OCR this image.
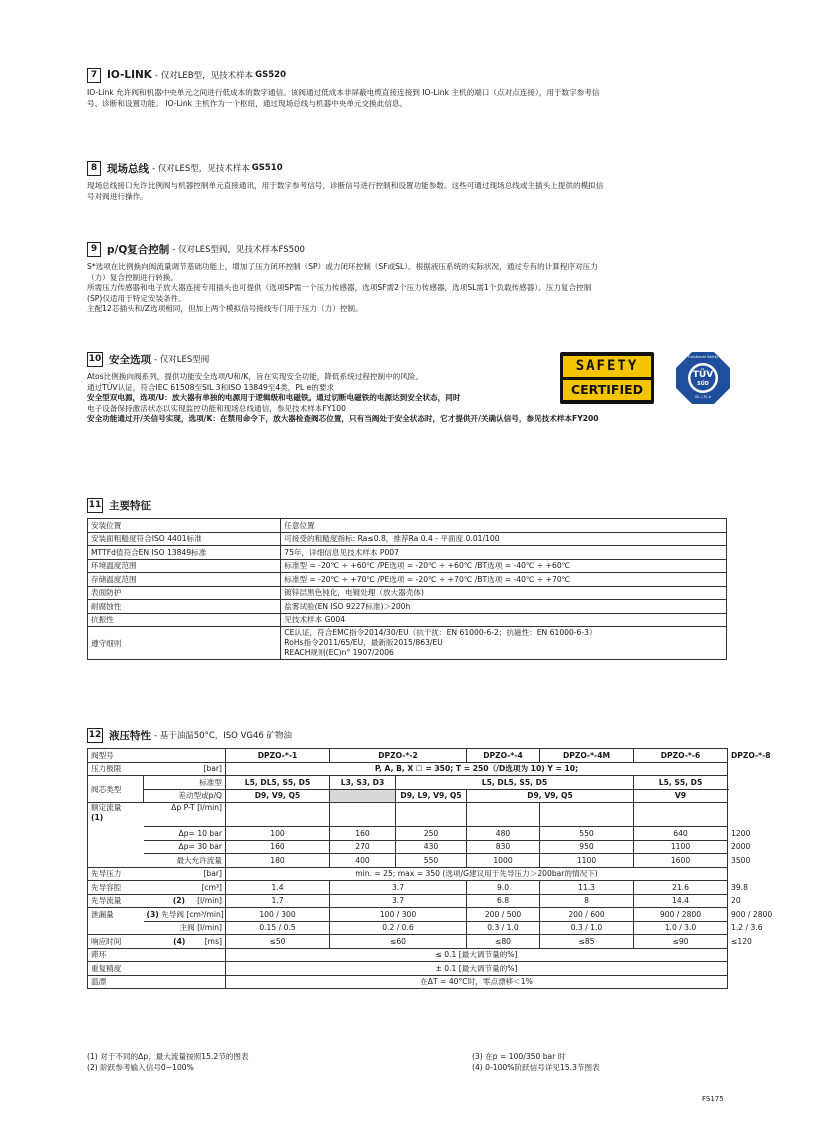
7 IO-LINK - 仅对LEB型，见技术样本 GS520
IO-Link 允许阀和机器中央单元之间进行低成本的数字通信。该阀通过低成本非屏蔽电缆直接连接到 IO-Link 主机的端口（点对点连接），用于数字参考信
号、诊断和设置功能。 IO-Link 主机作为一个枢纽，通过现场总线与机器中央单元交换此信息。
8 现场总线 - 仅对LES型，见技术样本 GS510
现场总线接口允许比例阀与机器控制单元直接通讯，用于数字参考信号、诊断信号进行控制和设置功能参数。这些可通过现场总线或主插头上提供的模拟信
号对阀进行操作。
9 p/Q复合控制 - 仅对LES型阀，见技术样本FS500
S*选项在比例换向阀流量调节基础功能上，增加了压力闭环控制（SP）或力闭环控制（SF或SL）。根据液压系统的实际状况，通过专有的计算程序对压力
（力）复合控制进行转换。
所需压力传感器和电子放大器连接专用插头也可提供（选项SP需一个压力传感器，选项SF需2个压力传感器，选项SL需1个负载传感器）。压力复合控制
(SP)仅适用于特定安装条件。
主配12芯插头和/Z选项相同，但加上两个模拟信号接线专门用于压力（力）控制。
10 安全选项 - 仅对LES型阀
Atos比例换向阀系列，提供功能安全选项/U和/K，旨在实现安全功能，降低系统过程控制中的风险。
通过TÜV认证，符合IEC 61508至SIL 3和ISO 13849至4类，PL e的要求
安全型双电源，选项/U：放大器有单独的电源用于逻辑级和电磁铁。通过切断电磁铁的电源达到安全状态，同时
电子设备保持激活状态以实现监控功能和现场总线通信，参见技术样本FY100
安全功能通过开/关信号实现，选项/K：在禁用命令下，放大器检查阀芯位置，只有当阀处于安全状态时，它才提供开/关确认信号，参见技术样本FY200
SAFETY
CERTIFIED
Functional Safety
TÜV
SÜD
SIL / PL e
11 主要特征
安装位置	任意位置
安装面粗糙度符合ISO 4401标准	可接受的粗糙度指标: Ra≤0.8，推荐Ra 0.4 - 平面度 0.01/100
MTTFd值符合EN ISO 13849标准	75年，详细信息见技术样本 P007
环境温度范围	标准型 = -20℃ ÷ +60℃ /PE选项 = -20℃ ÷ +60℃ /BT选项 = -40℃ ÷ +60℃
存储温度范围	标准型 = -20℃ ÷ +70℃ /PE选项 = -20℃ ÷ +70℃ /BT选项 = -40℃ ÷ +70℃
表面防护	镀锌层黑色钝化，电镀处理（放大器壳体)
耐腐蚀性	盐雾试验(EN ISO 9227标准)＞200h
抗振性	见技术样本 G004
遵守细则	CE认证，符合EMC指令2014/30/EU（抗干扰：EN 61000-6-2；抗磁性：EN 61000-6-3）
RoHs指令2011/65/EU，最新版2015/863/EU
REACH规则(EC)n° 1907/2006
12 液压特性 - 基于油温50°C，ISO VG46 矿物油
阀型号		DPZO-*-1	DPZO-*-2		DPZO-*-4	DPZO-*-4M	DPZO-*-6	DPZO-*-8
压力极限	[bar]	P, A, B, X ☐ = 350; T = 250（/D选项为 10) Y = 10;						
阀芯类型	标准型	L5, DL5, S5, D5	L3, S3, D3	L5, DL5, S5, D5			L5, S5, D5	
	差动型或p/Q	D9, V9, Q5		D9, L9, V9, Q5	D9, V9, Q5		V9	

额定流量
(1)	Δp P-T [l/min]							
	Δp= 10 bar	100	160	250	480	550	640	1200
	Δp= 30 bar	160	270	430	830	950	1100	2000
	最大允许流量	180	400	550	1000	1100	1600	3500
先导压力	[bar]	min. = 25; max = 350 (选项/G建议用于先导压力＞200bar的情况下)						
先导容腔	[cm³]	1.4	3.7		9.0	11.3	21.6	39.8
先导流量	(2) [l/min]	1.7	3.7		6.8	8	14.4	20
泄漏量	(3) 先导阀 [cm³/min]	100 / 300	100 / 300		200 / 500	200 / 600	900 / 2800	900 / 2800
	主阀 [l/min]	0.15 / 0.5	0.2 / 0.6		0.3 / 1.0	0.3 / 1.0	1.0 / 3.0	1.2 / 3.6
响应时间	(4) [ms]	≤50	≤60		≤80	≤85	≤90	≤120
滞环		≤ 0.1 [最大调节量的%]						
重复精度		± 0.1 [最大调节量的%]						
温漂		在ΔT = 40°C时，零点漂移＜1%						
(1) 对于不同的Δp，最大流量按照15.2节的图表
(2) 阶跃参考输入信号0~100%
(3) 在p = 100/350 bar 时
(4) 0-100%阶跃信号详见15.3节图表
FS175
